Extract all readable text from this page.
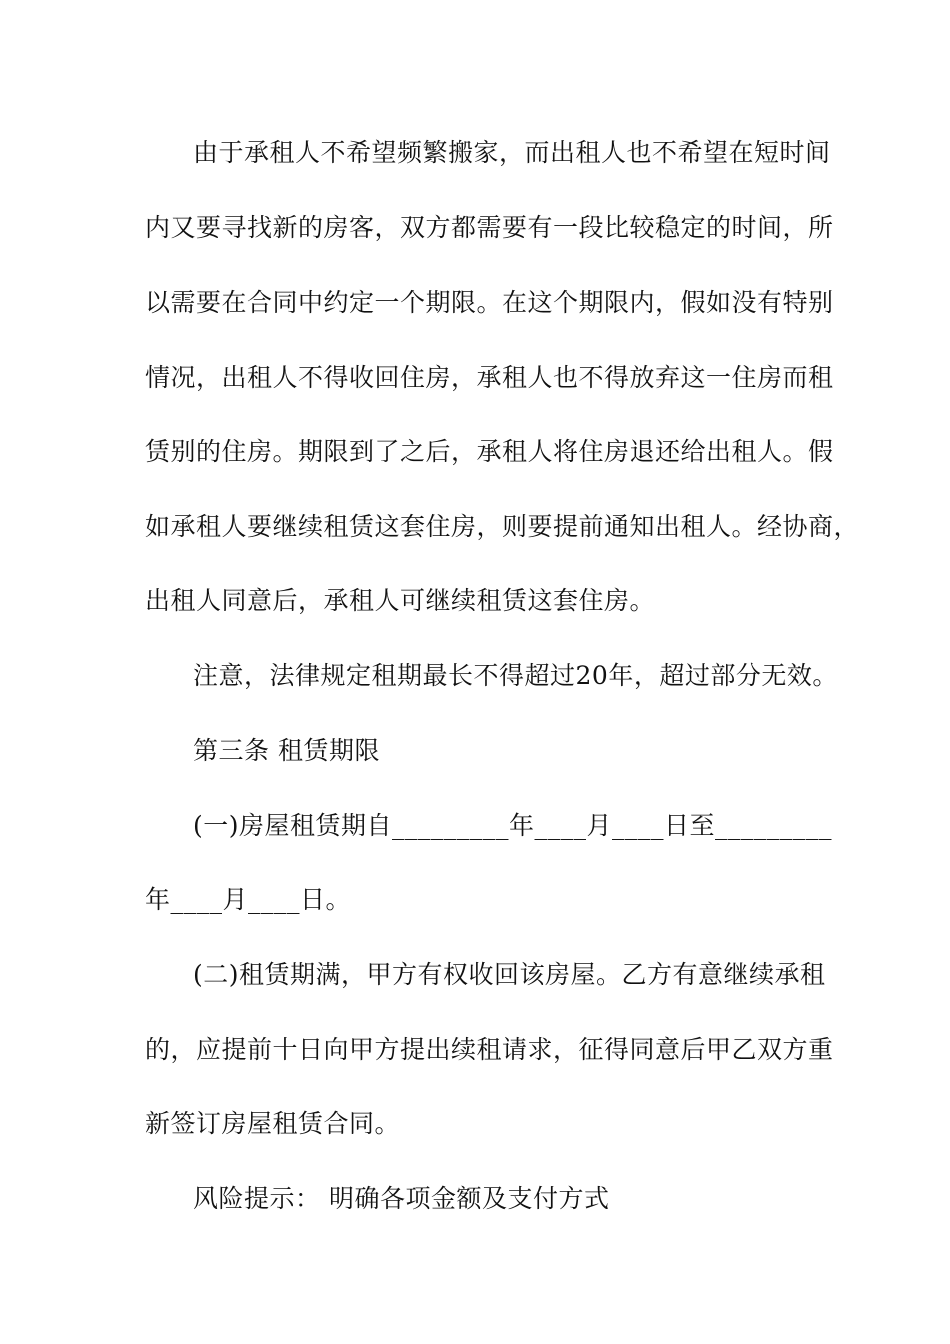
由于承租人不希望频繁搬家，而出租人也不希望在短时间
内又要寻找新的房客，双方都需要有一段比较稳定的时间，所
以需要在合同中约定一个期限。在这个期限内，假如没有特别
情况，出租人不得收回住房，承租人也不得放弃这一住房而租
赁别的住房。期限到了之后，承租人将住房退还给出租人。假
如承租人要继续租赁这套住房，则要提前通知出租人。经协商，
出租人同意后，承租人可继续租赁这套住房。
注意，法律规定租期最长不得超过20年，超过部分无效。
第三条 租赁期限
(一)房屋租赁期自_________年____月____日至_________
年____月____日。
(二)租赁期满，甲方有权收回该房屋。乙方有意继续承租
的，应提前十日向甲方提出续租请求，征得同意后甲乙双方重
新签订房屋租赁合同。
风险提示： 明确各项金额及支付方式
